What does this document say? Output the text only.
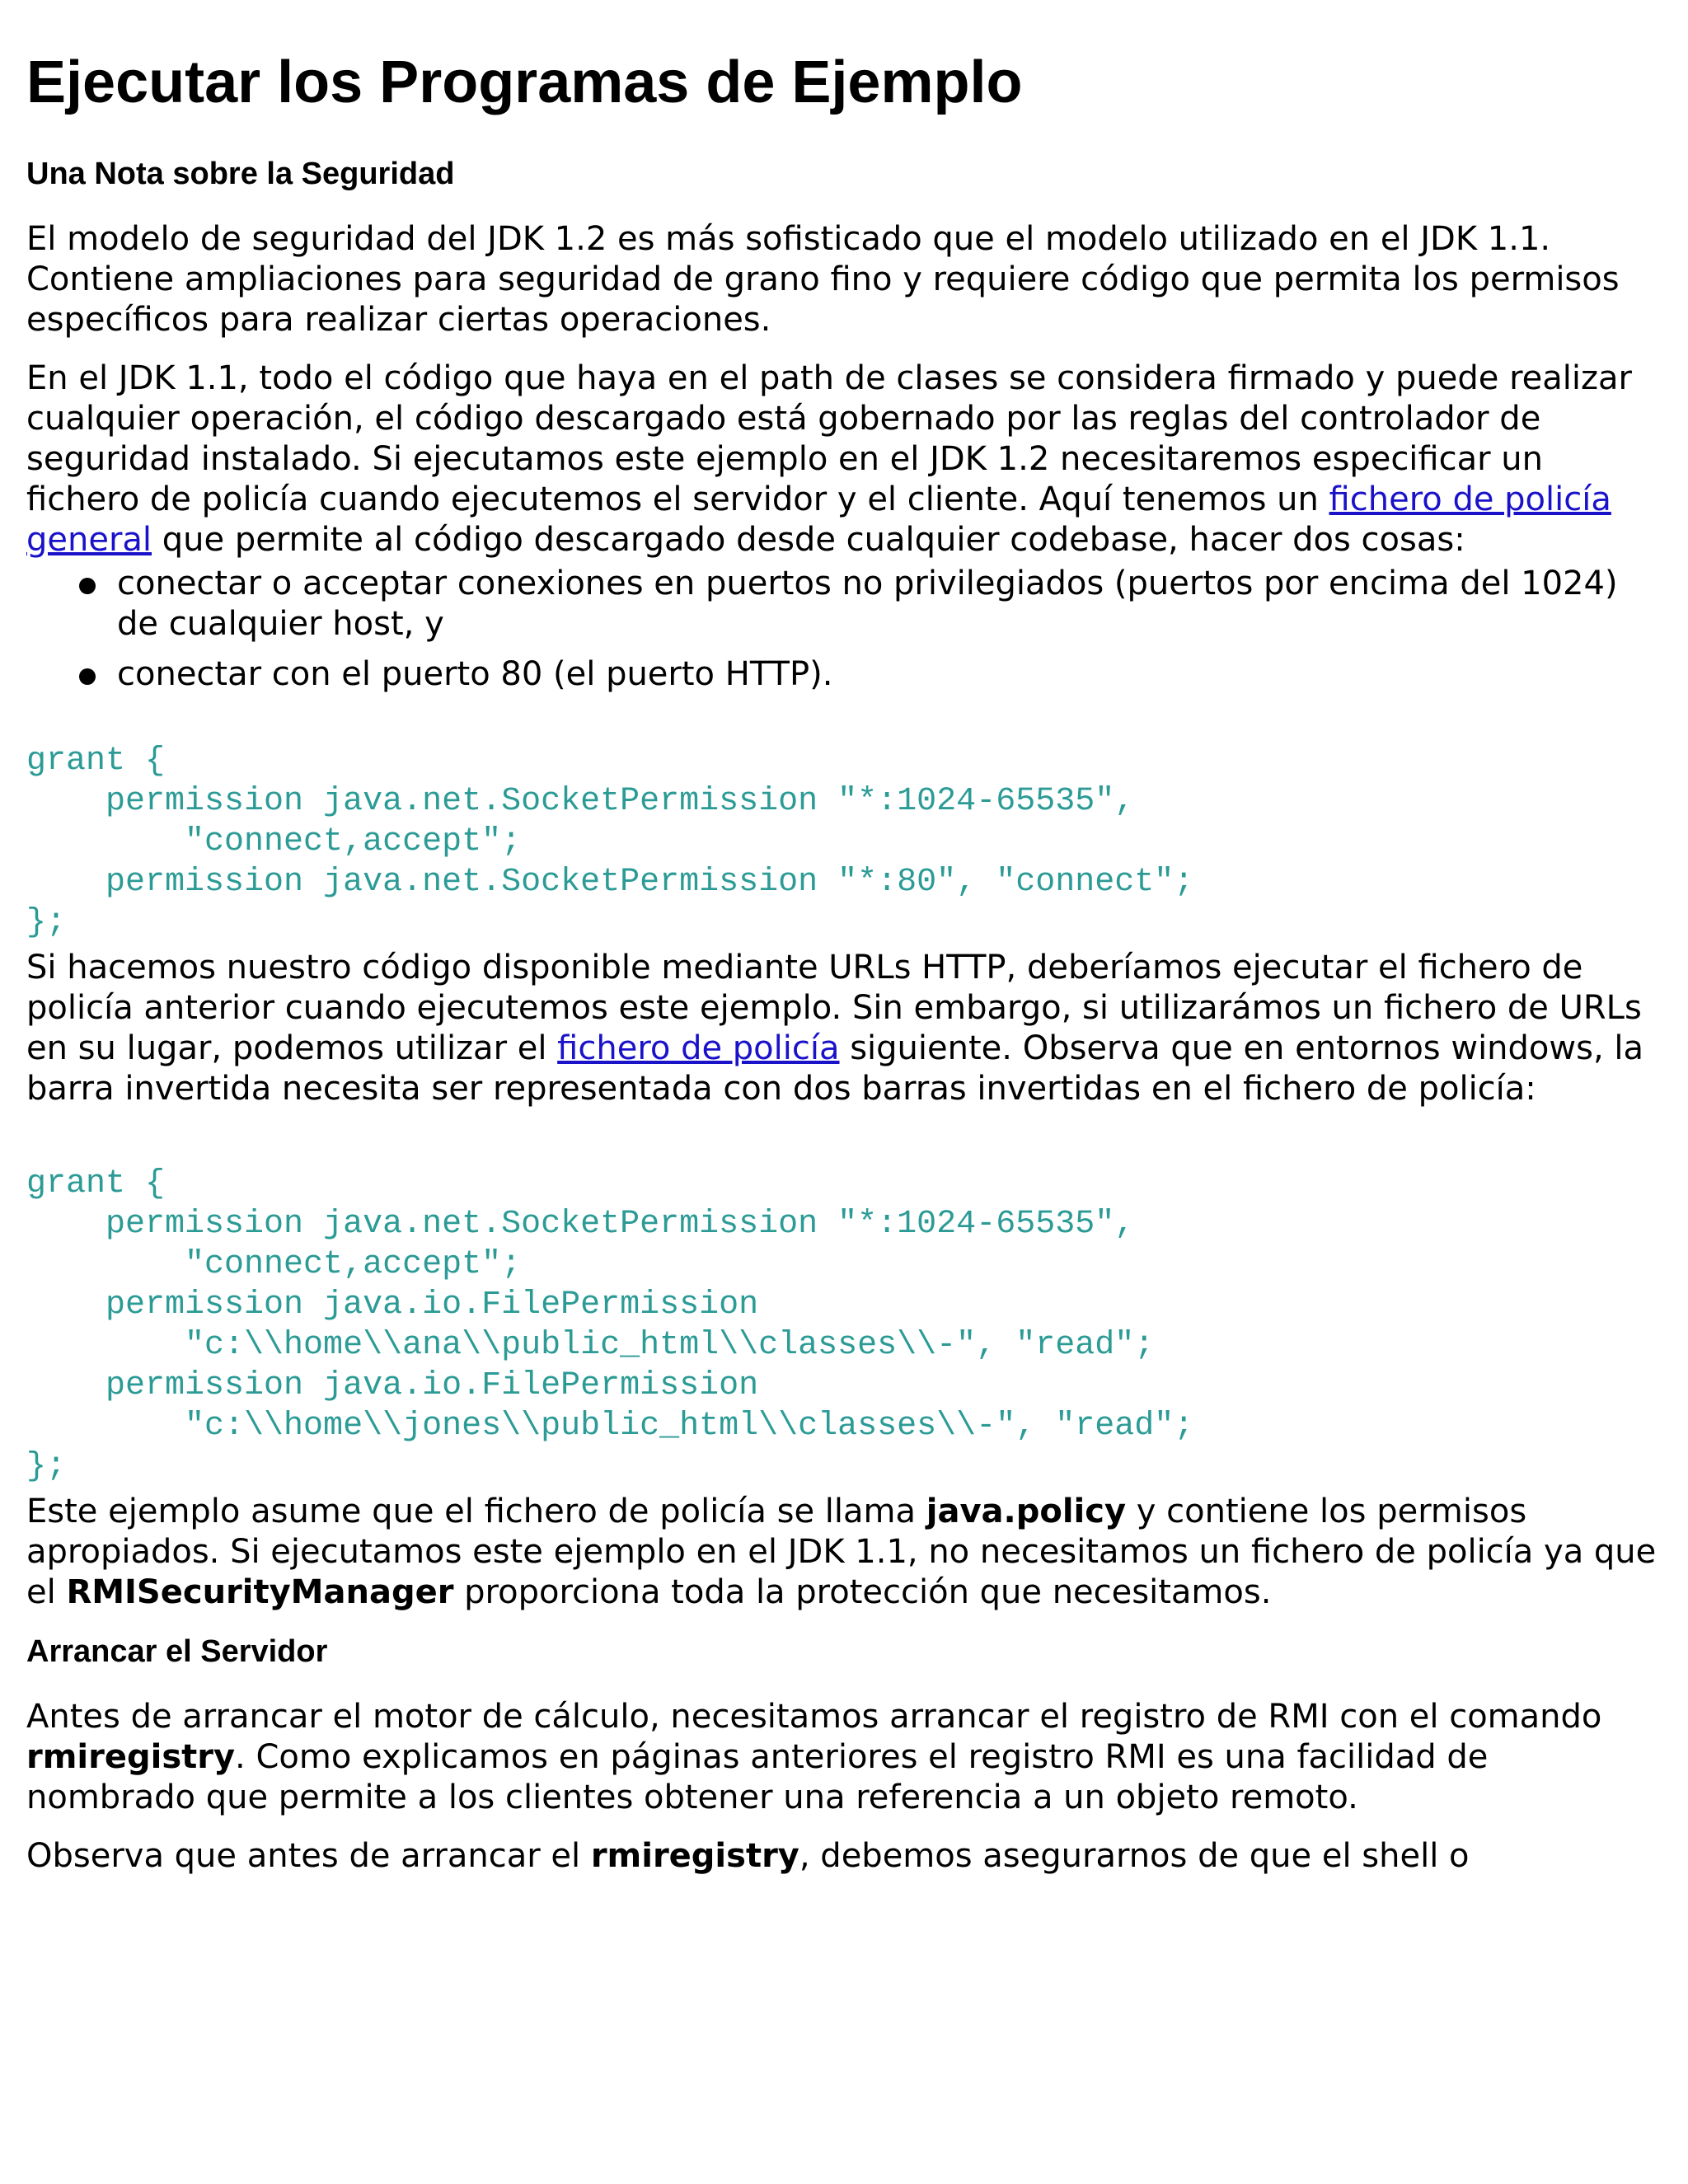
Ejecutar los Programas de Ejemplo
Una Nota sobre la Seguridad

El modelo de seguridad del JDK 1.2 es más sofisticado que el modelo utilizado en el JDK 1.1. Contiene ampliaciones para seguridad de grano fino y requiere código que permita los permisos específicos para realizar ciertas operaciones.

En el JDK 1.1, todo el código que haya en el path de clases se considera firmado y puede realizar cualquier operación, el código descargado está gobernado por las reglas del controlador de seguridad instalado. Si ejecutamos este ejemplo en el JDK 1.2 necesitaremos especificar un fichero de policía cuando ejecutemos el servidor y el cliente. Aquí tenemos un fichero de policía general que permite al código descargado desde cualquier codebase, hacer dos cosas:

conectar o acceptar conexiones en puertos no privilegiados (puertos por encima del 1024) de cualquier host, y
conectar con el puerto 80 (el puerto HTTP).
grant {
permission java.net.SocketPermission "*:1024-65535",
"connect,accept";
permission java.net.SocketPermission "*:80", "connect";
};

Si hacemos nuestro código disponible mediante URLs HTTP, deberíamos ejecutar el fichero de policía anterior cuando ejecutemos este ejemplo. Sin embargo, si utilizarámos un fichero de URLs en su lugar, podemos utilizar el fichero de policía siguiente. Observa que en entornos windows, la barra invertida necesita ser representada con dos barras invertidas en el fichero de policía:

grant {
permission java.net.SocketPermission "*:1024-65535",
"connect,accept";
permission java.io.FilePermission
"c:\\home\\ana\\public_html\\classes\\-", "read";
permission java.io.FilePermission
"c:\\home\\jones\\public_html\\classes\\-", "read";
};

Este ejemplo asume que el fichero de policía se llama java.policy y contiene los permisos apropiados. Si ejecutamos este ejemplo en el JDK 1.1, no necesitamos un fichero de policía ya que el RMISecurityManager proporciona toda la protección que necesitamos.

Arrancar el Servidor

Antes de arrancar el motor de cálculo, necesitamos arrancar el registro de RMI con el comando rmiregistry. Como explicamos en páginas anteriores el registro RMI es una facilidad de nombrado que permite a los clientes obtener una referencia a un objeto remoto.

Observa que antes de arrancar el rmiregistry, debemos asegurarnos de que el shell o
